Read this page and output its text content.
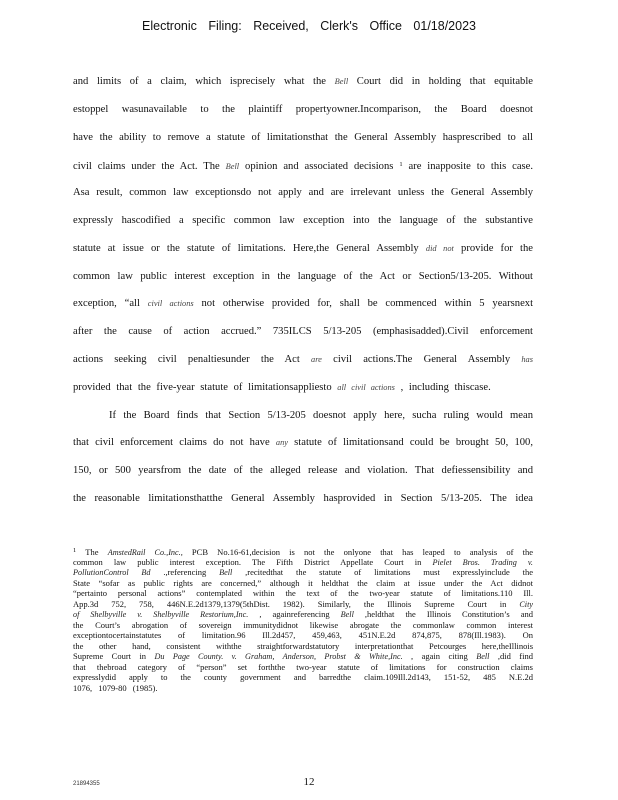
Electronic Filing: Received, Clerk's Office 01/18/2023
and limits of a claim, which isprecisely what the Bell Court did in holding that equitable
estoppel wasunavailable to the plaintiff propertyowner.Incomparison, the Board doesnot
have the ability to remove a statute of limitationsthat the General Assembly hasprescribed to all
civil claims under the Act. The Bell opinion and associated decisions $^1$ are inapposite to this case.
Asa result, common law exceptionsdo not apply and are irrelevant unless the General Assembly
expressly hascodified a specific common law exception into the language of the substantive
statute at issue or the statute of limitations. Here,the General Assembly did not provide for the
common law public interest exception in the language of the Act or Section5/13-205. Without
exception, “all civil actions not otherwise provided for, shall be commenced within 5 yearsnext
after the cause of action accrued.” 735ILCS 5/13-205 (emphasisadded).Civil enforcement
actions seeking civil penaltiesunder the Act are civil actions.The General Assembly has
provided that the five-year statute of limitationsappliesto all civil actions , including thiscase.
If the Board finds that Section 5/13-205 doesnot apply here, sucha ruling would mean
that civil enforcement claims do not have any statute of limitationsand could be brought 50, 100,
150, or 500 yearsfrom the date of the alleged release and violation. That defiessensibility and
the reasonable limitationsthatthe General Assembly hasprovided in Section 5/13-205. The idea
$^1$ The AmstedRail Co.,Inc., PCB No.16-61,decision is not the onlyone that has leaped to analysis of the
common law public interest exception. The Fifth District Appellate Court in Pielet Bros. Trading v.
PollutionControl Bd .,referencing Bell ,recitedthat the statute of limitations must expresslyinclude the
State “sofar as public rights are concerned,” although it heldthat the claim at issue under the Act didnot
“pertainto personal actions” contemplated within the text of the two-year statute of limitations.110 Ill.
App.3d 752, 758, 446N.E.2d1379,1379(5thDist. 1982). Similarly, the Illinois Supreme Court in City
of Shelbyville v. Shelbyville Restorium,Inc. , againreferencing Bell ,heldthat the Illinois Constitution’s and
the Court’s abrogation of sovereign immunitydidnot likewise abrogate the commonlaw common interest
exceptiontocertainstatutes of limitation.96 Ill.2d457, 459,463, 451N.E.2d 874,875, 878(Ill.1983). On
the other hand, consistent withthe straightforwardstatutory interpretationthat Petcourges here,theIllinois
Supreme Court in Du Page County. v. Graham, Anderson, Probst & White,Inc. , again citing Bell ,did find
that thebroad category of “person” set forththe two-year statute of limitations for construction claims
expresslydid apply to the county government and barredthe claim.109Ill.2d143, 151-52, 485 N.E.2d
1076, 1079-80 (1985).
21894355	12
